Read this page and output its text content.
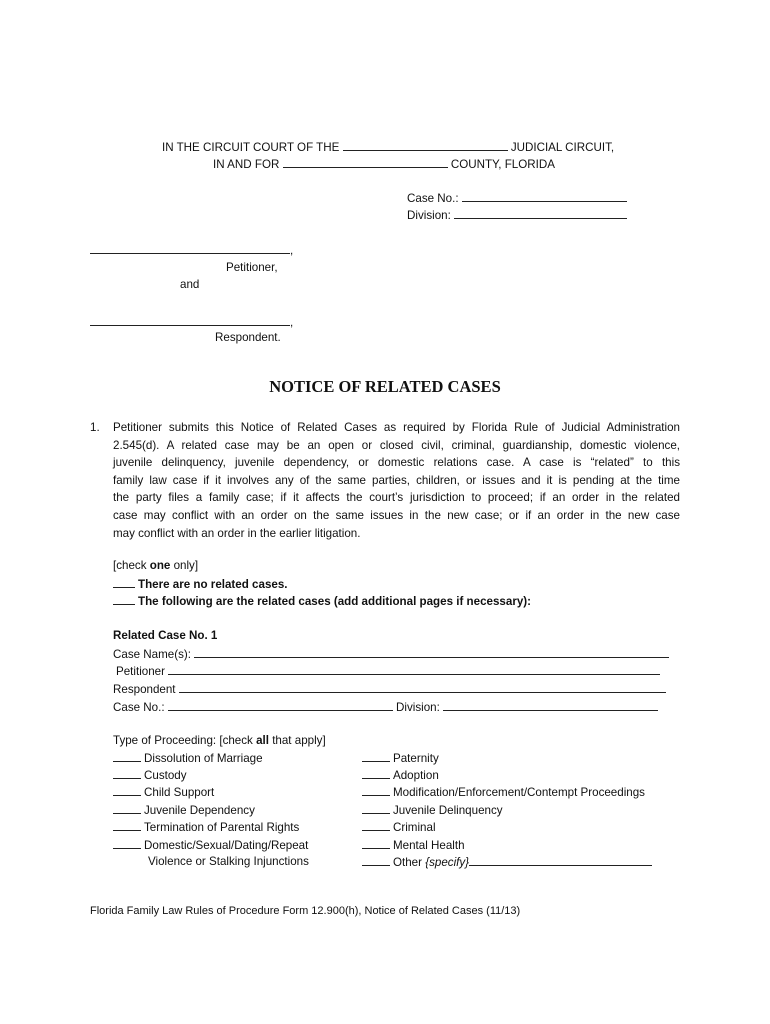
IN THE CIRCUIT COURT OF THE	JUDICIAL CIRCUIT,
IN AND FOR	COUNTY, FLORIDA
Case No.:
Division:
,
Petitioner,
and
,
Respondent.
NOTICE OF RELATED CASES
1. Petitioner submits this Notice of Related Cases as required by Florida Rule of Judicial Administration
2.545(d). A related case may be an open or closed civil, criminal, guardianship, domestic violence,
juvenile delinquency, juvenile dependency, or domestic relations case. A case is “related” to this
family law case if it involves any of the same parties, children, or issues and it is pending at the time
the party files a family case; if it affects the court’s jurisdiction to proceed; if an order in the related
case may conflict with an order on the same issues in the new case; or if an order in the new case
may conflict with an order in the earlier litigation.
[check one only]
There are no related cases.
The following are the related cases (add additional pages if necessary):
Related Case No. 1
Case Name(s):
Petitioner
Respondent
Case No.:	Division:
Type of Proceeding: [check all that apply]
Dissolution of Marriage
Custody
Child Support
Juvenile Dependency
Termination of Parental Rights
Domestic/Sexual/Dating/Repeat
Violence or Stalking Injunctions
Paternity
Adoption
Modification/Enforcement/Contempt Proceedings
Juvenile Delinquency
Criminal
Mental Health
Other {specify}
Florida Family Law Rules of Procedure Form 12.900(h), Notice of Related Cases (11/13)
